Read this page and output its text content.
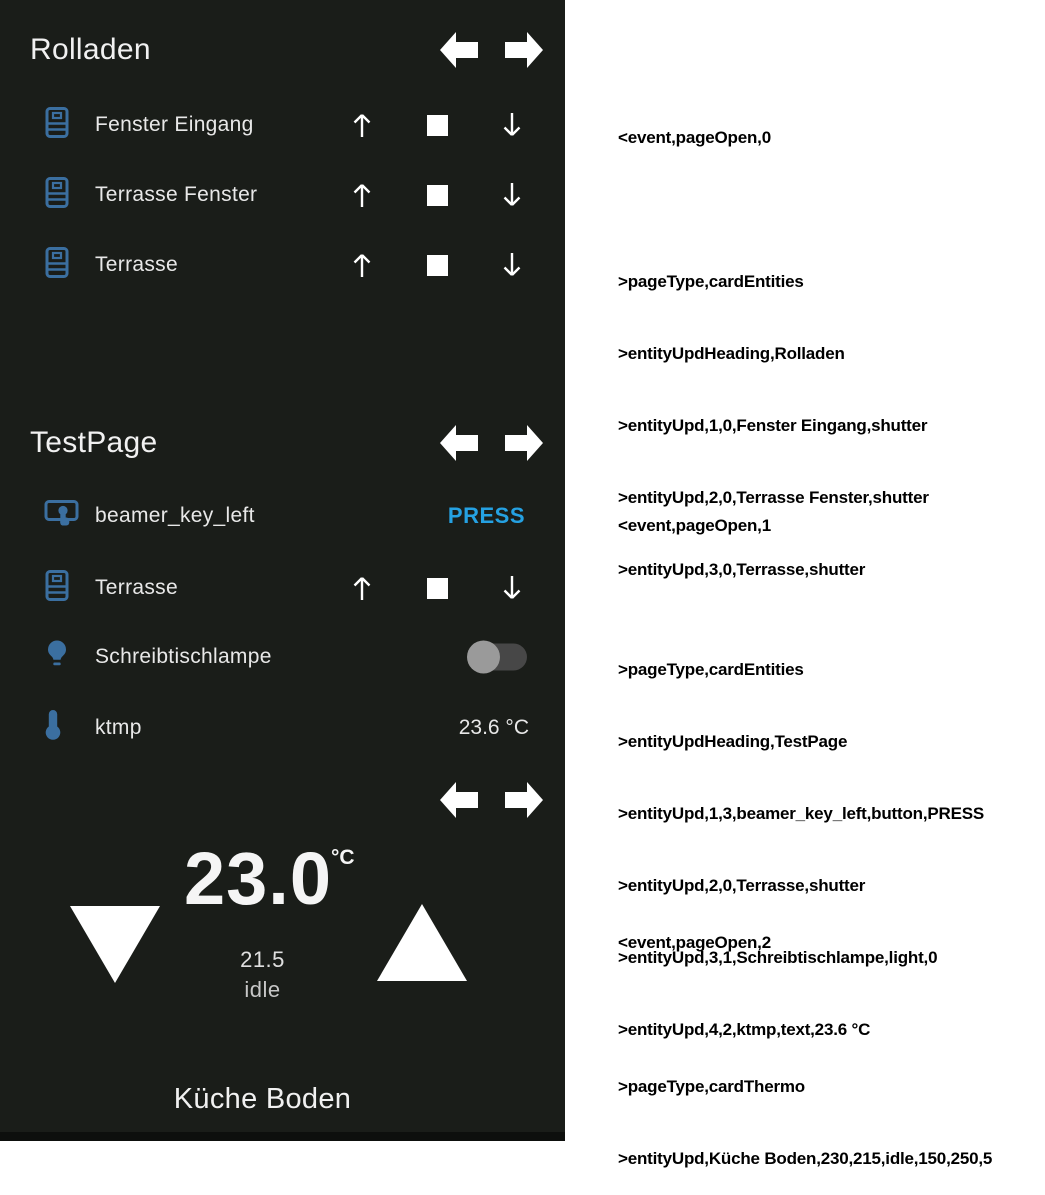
Rolladen
Fenster Eingang
Terrasse Fenster
Terrasse
TestPage
beamer_key_left	PRESS
Terrasse
Schreibtischlampe
ktmp	23.6 °C
23.0
°C
21.5
idle
Küche Boden

<event,pageOpen,0

>pageType,cardEntities

>entityUpdHeading,Rolladen

>entityUpd,1,0,Fenster Eingang,shutter

>entityUpd,2,0,Terrasse Fenster,shutter

>entityUpd,3,0,Terrasse,shutter

<event,pageOpen,1

>pageType,cardEntities

>entityUpdHeading,TestPage

>entityUpd,1,3,beamer_key_left,button,PRESS

>entityUpd,2,0,Terrasse,shutter

>entityUpd,3,1,Schreibtischlampe,light,0

>entityUpd,4,2,ktmp,text,23.6 °C

<event,pageOpen,2

>pageType,cardThermo

>entityUpd,Küche Boden,230,215,idle,150,250,5
